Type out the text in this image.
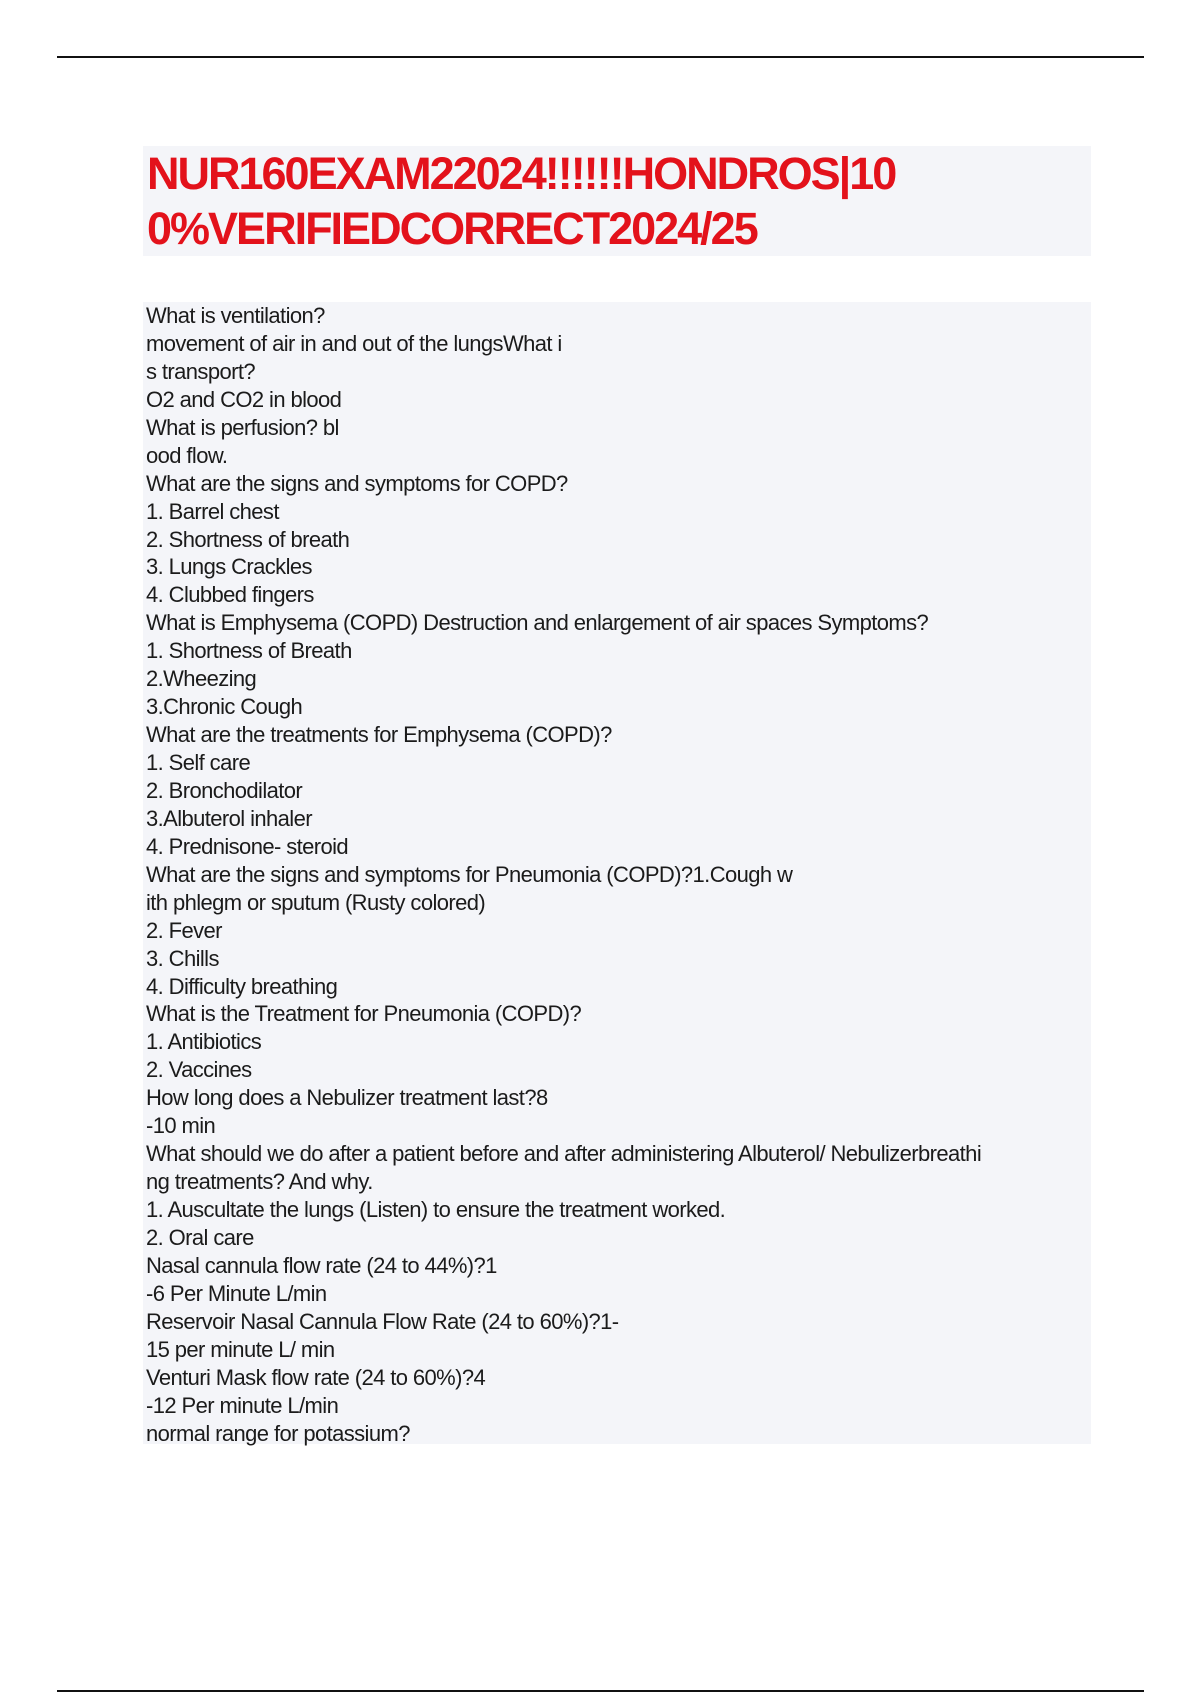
NUR160EXAM22024!!!!!!HONDROS|10
0%VERIFIEDCORRECT2024/25
What is ventilation?
movement of air in and out of the lungsWhat i
s transport?
O2 and CO2 in blood
What is perfusion? bl
ood flow.
What are the signs and symptoms for COPD?
1. Barrel chest
2. Shortness of breath
3. Lungs Crackles
4. Clubbed fingers
What is Emphysema (COPD) Destruction and enlargement of air spaces Symptoms?
1. Shortness of Breath
2.Wheezing
3.Chronic Cough
What are the treatments for Emphysema (COPD)?
1. Self care
2. Bronchodilator
3.Albuterol inhaler
4. Prednisone- steroid
What are the signs and symptoms for Pneumonia (COPD)?1.Cough w
ith phlegm or sputum (Rusty colored)
2. Fever
3. Chills
4. Difficulty breathing
What is the Treatment for Pneumonia (COPD)?
1. Antibiotics
2. Vaccines
How long does a Nebulizer treatment last?8
-10 min
What should we do after a patient before and after administering Albuterol/ Nebulizerbreathi
ng treatments? And why.
1. Auscultate the lungs (Listen) to ensure the treatment worked.
2. Oral care
Nasal cannula flow rate (24 to 44%)?1
-6 Per Minute L/min
Reservoir Nasal Cannula Flow Rate (24 to 60%)?1-
15 per minute L/ min
Venturi Mask flow rate (24 to 60%)?4
-12 Per minute L/min
normal range for potassium?
